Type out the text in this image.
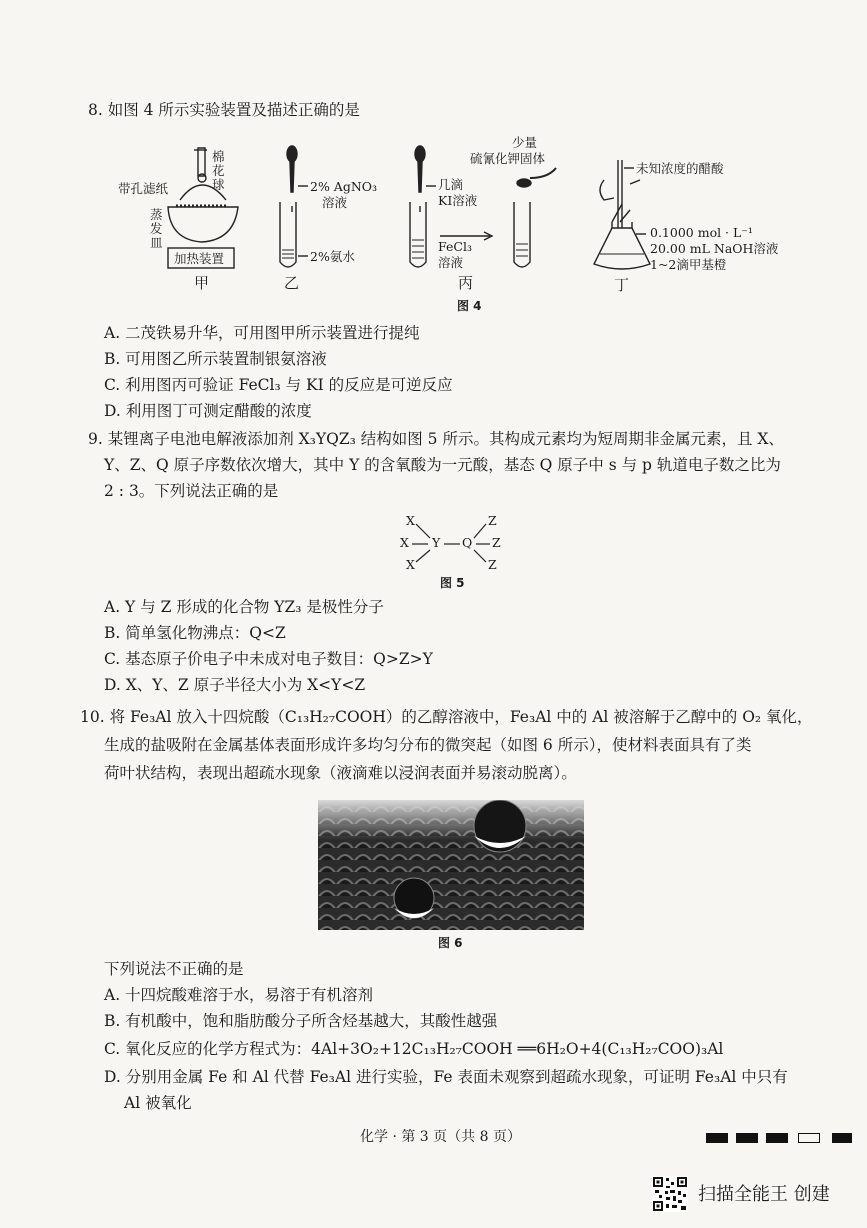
8. 如图 4 所示实验装置及描述正确的是
棉
花
球
带孔滤纸
蒸
发
皿
加热装置
甲
2% AgNO₃
溶液
2%氨水
乙
几滴
KI溶液
FeCl₃
溶液
少量
硫氰化钾固体
丙
未知浓度的醋酸
0.1000 mol · L⁻¹
20.00 mL NaOH溶液
1~2滴甲基橙
丁
图 4
A. 二茂铁易升华，可用图甲所示装置进行提纯
B. 可用图乙所示装置制银氨溶液
C. 利用图丙可验证 FeCl₃ 与 KI 的反应是可逆反应
D. 利用图丁可测定醋酸的浓度
9. 某锂离子电池电解液添加剂 X₃YQZ₃ 结构如图 5 所示。其构成元素均为短周期非金属元素，且 X、
Y、Z、Q 原子序数依次增大，其中 Y 的含氧酸为一元酸，基态 Q 原子中 s 与 p 轨道电子数之比为
2 : 3。下列说法正确的是
X
X
X
Y Q
Z
Z
Z
图 5
A. Y 与 Z 形成的化合物 YZ₃ 是极性分子
B. 简单氢化物沸点：Q<Z
C. 基态原子价电子中未成对电子数目：Q>Z>Y
D. X、Y、Z 原子半径大小为 X<Y<Z
10. 将 Fe₃Al 放入十四烷酸（C₁₃H₂₇COOH）的乙醇溶液中，Fe₃Al 中的 Al 被溶解于乙醇中的 O₂ 氧化，
生成的盐吸附在金属基体表面形成许多均匀分布的微突起（如图 6 所示），使材料表面具有了类
荷叶状结构，表现出超疏水现象（液滴难以浸润表面并易滚动脱离）。
图 6
下列说法不正确的是
A. 十四烷酸难溶于水，易溶于有机溶剂
B. 有机酸中，饱和脂肪酸分子所含烃基越大，其酸性越强
C. 氧化反应的化学方程式为：4Al+3O₂+12C₁₃H₂₇COOH ══6H₂O+4(C₁₃H₂₇COO)₃Al
D. 分别用金属 Fe 和 Al 代替 Fe₃Al 进行实验，Fe 表面未观察到超疏水现象，可证明 Fe₃Al 中只有
Al 被氧化
化学 · 第 3 页（共 8 页）
扫描全能王 创建
